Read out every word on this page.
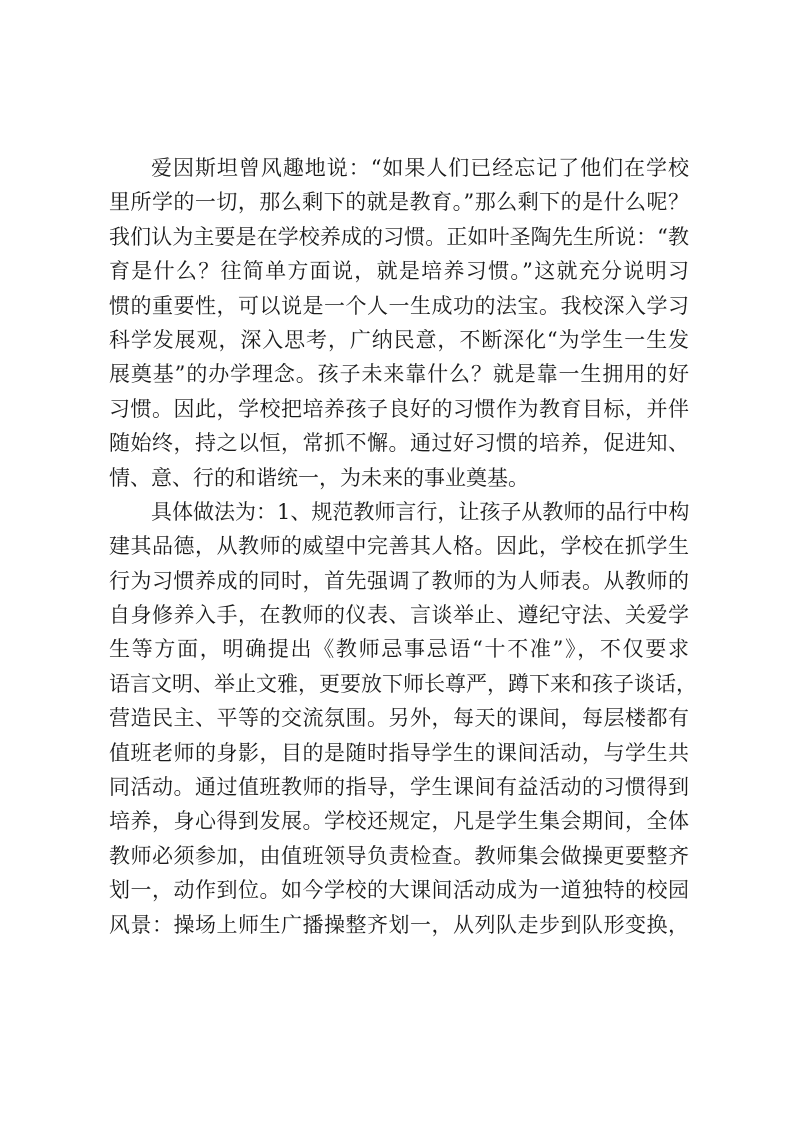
爱因斯坦曾风趣地说：“如果人们已经忘记了他们在学校
里所学的一切，那么剩下的就是教育。”那么剩下的是什么呢？
我们认为主要是在学校养成的习惯。正如叶圣陶先生所说：“教
育是什么？往简单方面说，就是培养习惯。”这就充分说明习
惯的重要性，可以说是一个人一生成功的法宝。我校深入学习
科学发展观，深入思考，广纳民意，不断深化“为学生一生发
展奠基”的办学理念。孩子未来靠什么？就是靠一生拥用的好
习惯。因此，学校把培养孩子良好的习惯作为教育目标，并伴
随始终，持之以恒，常抓不懈。通过好习惯的培养，促进知、
情、意、行的和谐统一，为未来的事业奠基。
具体做法为：1、规范教师言行，让孩子从教师的品行中构
建其品德，从教师的威望中完善其人格。因此，学校在抓学生
行为习惯养成的同时，首先强调了教师的为人师表。从教师的
自身修养入手，在教师的仪表、言谈举止、遵纪守法、关爱学
生等方面，明确提出《教师忌事忌语“十不准”》，不仅要求
语言文明、举止文雅，更要放下师长尊严，蹲下来和孩子谈话，
营造民主、平等的交流氛围。另外，每天的课间，每层楼都有
值班老师的身影，目的是随时指导学生的课间活动，与学生共
同活动。通过值班教师的指导，学生课间有益活动的习惯得到
培养，身心得到发展。学校还规定，凡是学生集会期间，全体
教师必须参加，由值班领导负责检查。教师集会做操更要整齐
划一，动作到位。如今学校的大课间活动成为一道独特的校园
风景：操场上师生广播操整齐划一，从列队走步到队形变换，
